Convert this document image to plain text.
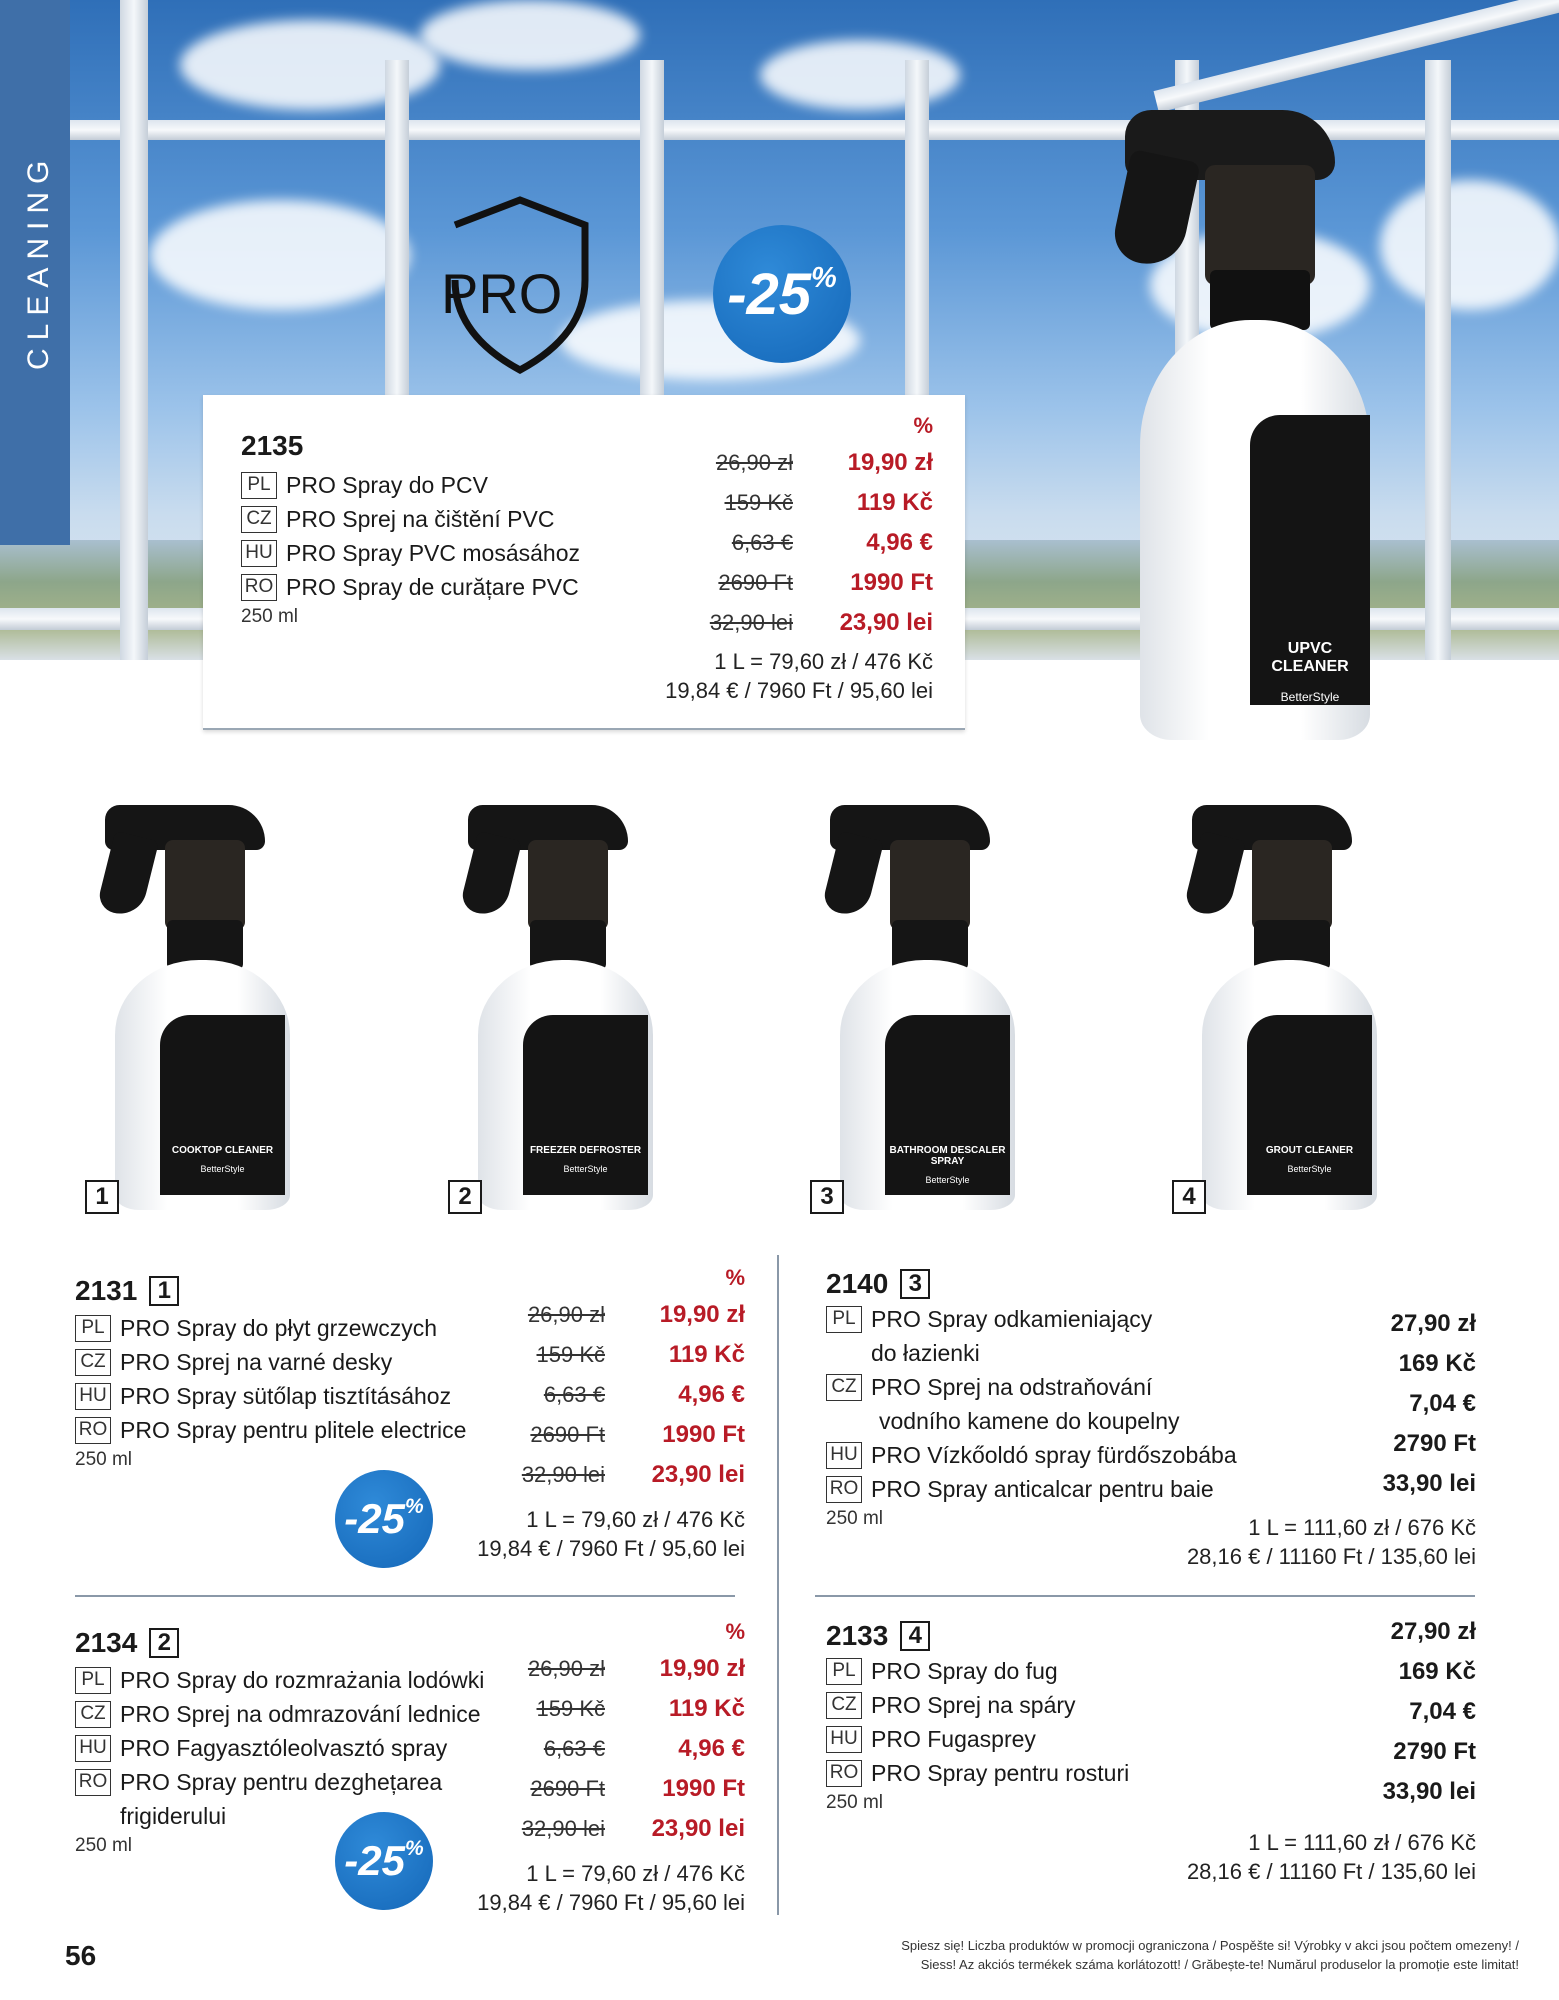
CLEANING	PRO	-25 %
UPVC CLEANER
BetterStyle
2135
PL PRO Spray do PCV
CZ PRO Sprej na čištění PVC
HU PRO Spray PVC mosásához
RO PRO Spray de curățare PVC
250 ml
%
26,90 zł	19,90 zł
159 Kč	119 Kč
6,63 €	4,96 €
2690 Ft	1990 Ft
32,90 lei	23,90 lei
1 L = 79,60 zł / 476 Kč
19,84 € / 7960 Ft / 95,60 lei
COOKTOP CLEANER
BetterStyle
1
FREEZER DEFROSTER
BetterStyle
2
BATHROOM DESCALER SPRAY
BetterStyle
3
GROUT CLEANER
BetterStyle
4
2131 1
PL PRO Spray do płyt grzewczych
CZ PRO Sprej na varné desky
HU PRO Spray sütőlap tisztításához
RO PRO Spray pentru plitele electrice
250 ml
%
26,90 zł	19,90 zł
159 Kč	119 Kč
6,63 €	4,96 €
2690 Ft	1990 Ft
32,90 lei	23,90 lei
1 L = 79,60 zł / 476 Kč
19,84 € / 7960 Ft / 95,60 lei
-25 %
2134 2
PL PRO Spray do rozmrażania lodówki
CZ PRO Sprej na odmrazování lednice
HU PRO Fagyasztóleolvasztó spray
RO PRO Spray pentru dezghețarea
frigiderului
250 ml
%
26,90 zł	19,90 zł
159 Kč	119 Kč
6,63 €	4,96 €
2690 Ft	1990 Ft
32,90 lei	23,90 lei
1 L = 79,60 zł / 476 Kč
19,84 € / 7960 Ft / 95,60 lei
-25 %
2140 3
PL PRO Spray odkamieniający
do łazienki
CZ PRO Sprej na odstraňování
vodního kamene do koupelny
HU PRO Vízkőoldó spray fürdőszobába
RO PRO Spray anticalcar pentru baie
250 ml
27,90 zł
169 Kč
7,04 €
2790 Ft
33,90 lei
1 L = 111,60 zł / 676 Kč
28,16 € / 11160 Ft / 135,60 lei
2133 4
PL PRO Spray do fug
CZ PRO Sprej na spáry
HU PRO Fugasprey
RO PRO Spray pentru rosturi
250 ml
27,90 zł
169 Kč
7,04 €
2790 Ft
33,90 lei
1 L = 111,60 zł / 676 Kč
28,16 € / 11160 Ft / 135,60 lei
56	Spiesz się! Liczba produktów w promocji ograniczona / Pospěšte si! Výrobky v akci jsou počtem omezeny! /
Siess! Az akciós termékek száma korlátozott! / Grăbește-te! Numărul produselor la promoție este limitat!
